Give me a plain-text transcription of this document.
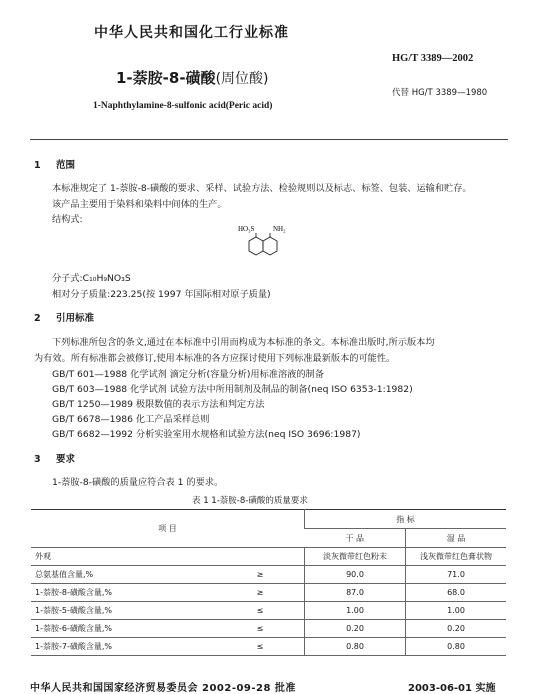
中华人民共和国化工行业标准
HG/T 3389—2002
1-萘胺-8-磺酸(周位酸)
代替 HG/T 3389—1980
1-Naphthylamine-8-sulfonic acid(Peric acid)
1 范围
本标准规定了 1-萘胺-8-磺酸的要求、采样、试验方法、检验规则以及标志、标签、包装、运输和贮存。
该产品主要用于染料和染料中间体的生产。
结构式:
HO₃S	NH₂
分子式:C₁₀H₉NO₃S
相对分子质量:223.25(按 1997 年国际相对原子质量)
2 引用标准
下列标准所包含的条文,通过在本标准中引用而构成为本标准的条文。本标准出版时,所示版本均
为有效。所有标准都会被修订,使用本标准的各方应探讨使用下列标准最新版本的可能性。
GB/T 601—1988 化学试剂 滴定分析(容量分析)用标准溶液的制备
GB/T 603—1988 化学试剂 试验方法中所用制剂及制品的制备(neq ISO 6353-1:1982)
GB/T 1250—1989 极限数值的表示方法和判定方法
GB/T 6678—1986 化工产品采样总则
GB/T 6682—1992 分析实验室用水规格和试验方法(neq ISO 3696:1987)
3 要求
1-萘胺-8-磺酸的质量应符合表 1 的要求。
表 1 1-萘胺-8-磺酸的质量要求
项 目		指 标	
		干 品	湿 品
外观		淡灰微带红色粉末	浅灰微带红色膏状物
总氨基值含量,%	≥	90.0	71.0
1-萘胺-8-磺酸含量,%	≥	87.0	68.0
1-萘胺-5-磺酸含量,%	≤	1.00	1.00
1-萘胺-6-磺酸含量,%	≤	0.20	0.20
1-萘胺-7-磺酸含量,%	≤	0.80	0.80
中华人民共和国国家经济贸易委员会 2002-09-28 批准	2003-06-01 实施
